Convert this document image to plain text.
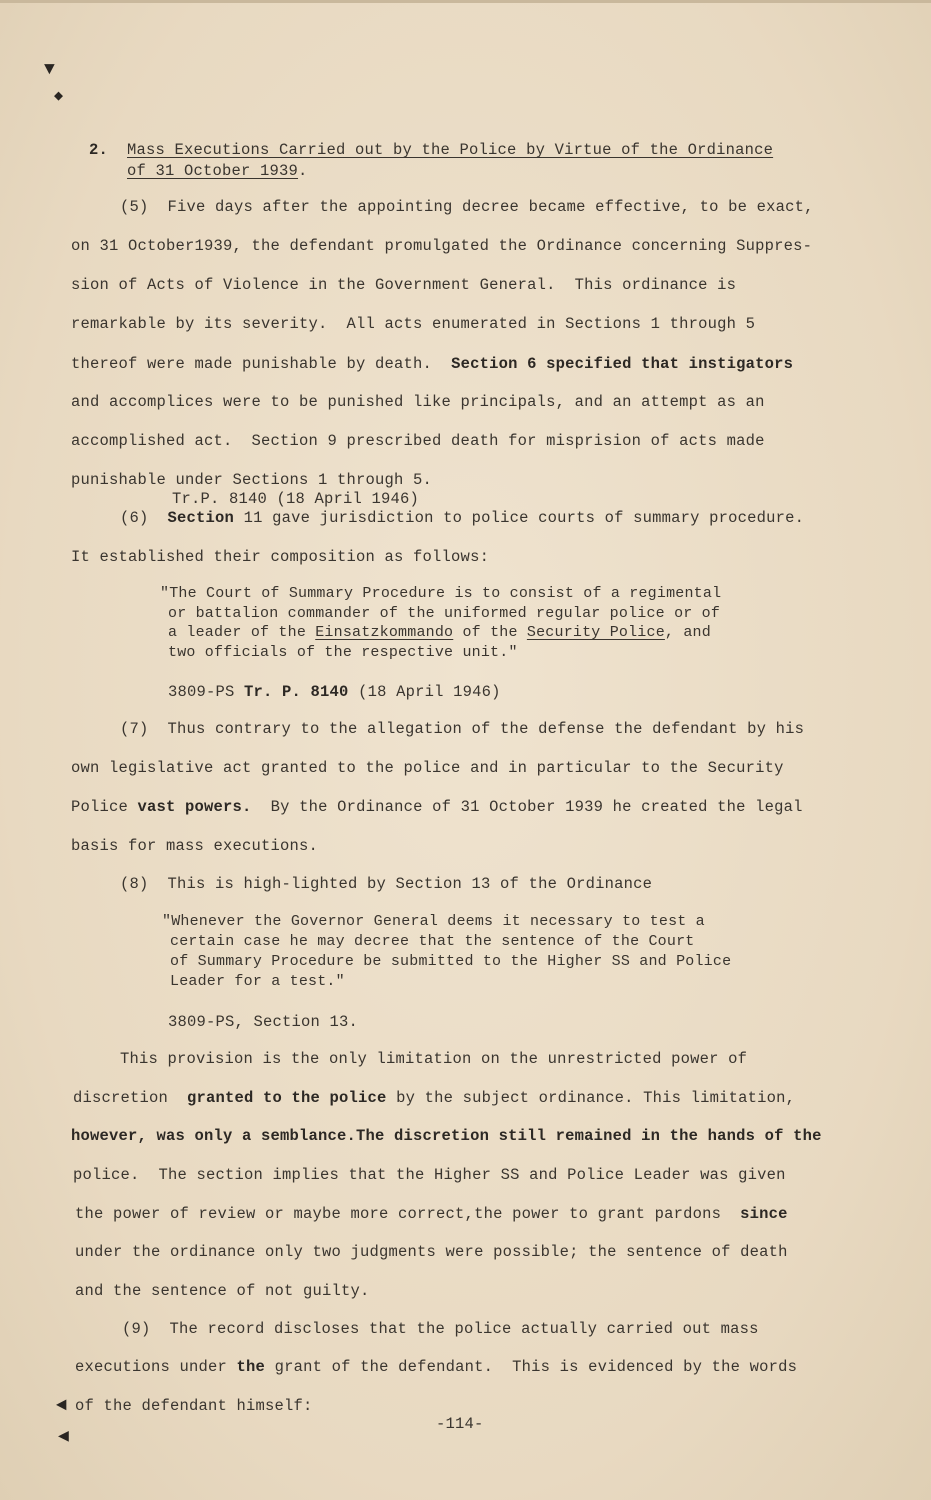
▼
◆
◄
◀
2. Mass Executions Carried out by the Police by Virtue of the Ordinance
of 31 October 1939.
(5)  Five days after the appointing decree became effective, to be exact,
on 31 October1939, the defendant promulgated the Ordinance concerning Suppres-
sion of Acts of Violence in the Government General.  This ordinance is
remarkable by its severity.  All acts enumerated in Sections 1 through 5
thereof were made punishable by death. Section 6 specified that instigators
and accomplices were to be punished like principals, and an attempt as an
accomplished act.  Section 9 prescribed death for misprision of acts made
punishable under Sections 1 through 5.
Tr.P. 8140 (18 April 1946)
(6) Section 11 gave jurisdiction to police courts of summary procedure.
It established their composition as follows:
"The Court of Summary Procedure is to consist of a regimental
or battalion commander of the uniformed regular police or of
a leader of the Einsatzkommando of the Security Police, and
two officials of the respective unit."
3809-PS Tr. P. 8140 (18 April 1946)
(7)  Thus contrary to the allegation of the defense the defendant by his
own legislative act granted to the police and in particular to the Security
Police vast powers. By the Ordinance of 31 October 1939 he created the legal
basis for mass executions.
(8)  This is high-lighted by Section 13 of the Ordinance
"Whenever the Governor General deems it necessary to test a
certain case he may decree that the sentence of the Court
of Summary Procedure be submitted to the Higher SS and Police
Leader for a test."
3809-PS, Section 13.
This provision is the only limitation on the unrestricted power of
discretion granted to the police by the subject ordinance. This limitation,
however, was only a semblance.The discretion still remained in the hands of the
police.  The section implies that the Higher SS and Police Leader was given
the power of review or maybe more correct,the power to grant pardons since
under the ordinance only two judgments were possible; the sentence of death
and the sentence of not guilty.
(9)  The record discloses that the police actually carried out mass
executions under the grant of the defendant.  This is evidenced by the words
of the defendant himself:
-114-
